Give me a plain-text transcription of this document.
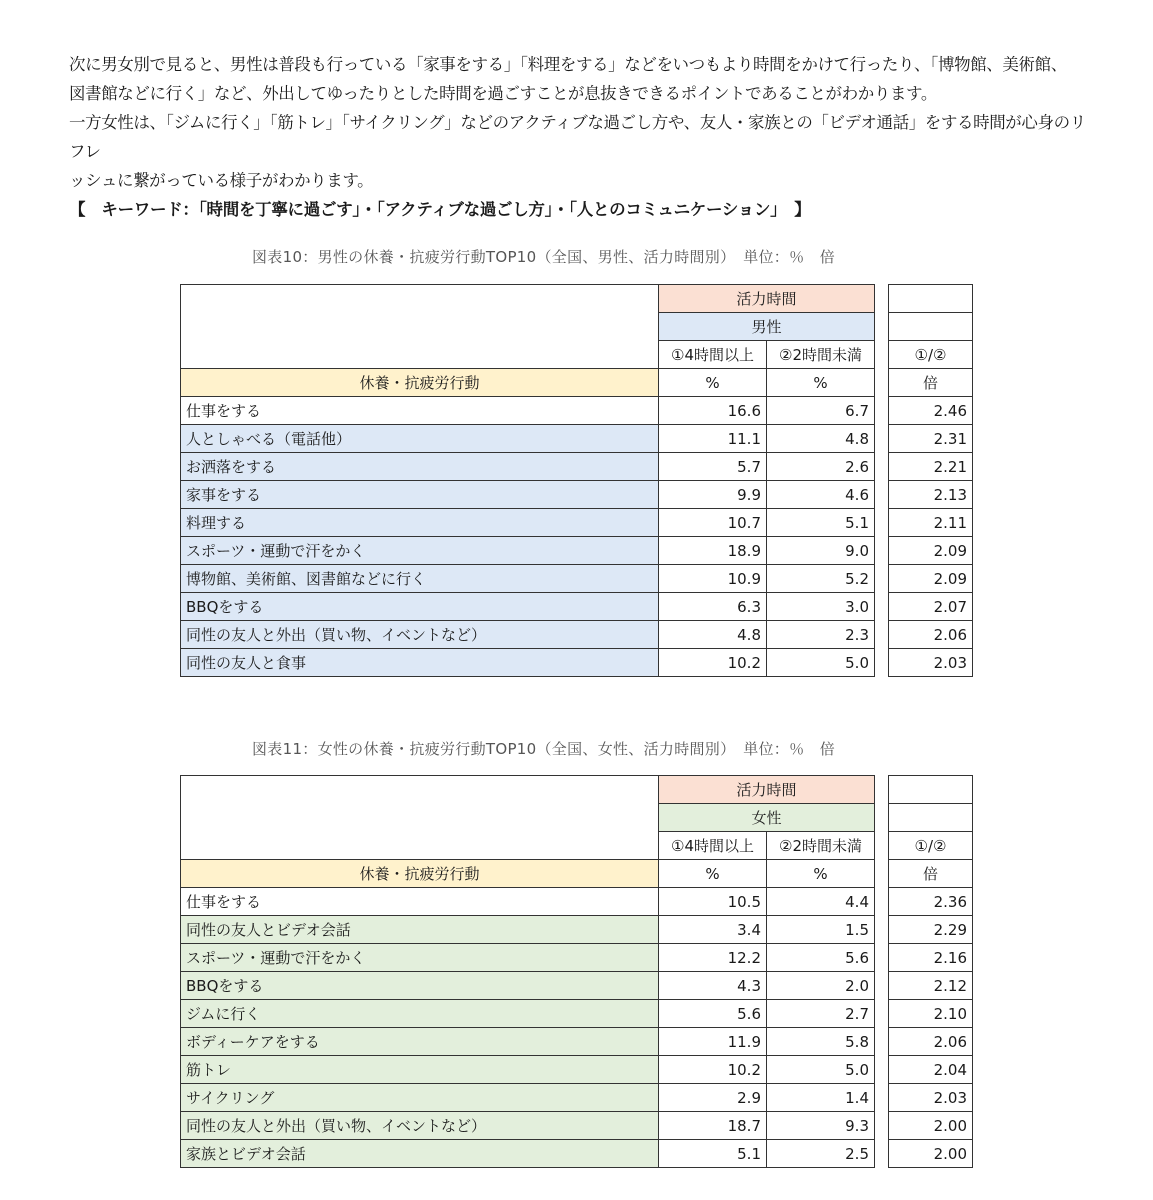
次に男女別で見ると、男性は普段も行っている「家事をする」「料理をする」などをいつもより時間をかけて行ったり、「博物館、美術館、

図書館などに行く」など、外出してゆったりとした時間を過ごすことが息抜きできるポイントであることがわかります。

一方女性は、「ジムに行く」「筋トレ」「サイクリング」などのアクティブな過ごし方や、友人・家族との「ビデオ通話」をする時間が心身のリフレ

ッシュに繋がっている様子がわかります。

【　キーワード：「時間を丁寧に過ごす」・「アクティブな過ごし方」・「人とのコミュニケーション」　】
図表10：男性の休養・抗疲労行動TOP10（全国、男性、活力時間別）　単位：％　倍
	活力時間			
	男性			
	①4時間以上	②2時間未満		①/②
休養・抗疲労行動	%	%		倍
仕事をする	16.6	6.7		2.46
人としゃべる（電話他）	11.1	4.8		2.31
お洒落をする	5.7	2.6		2.21
家事をする	9.9	4.6		2.13
料理する	10.7	5.1		2.11
スポーツ・運動で汗をかく	18.9	9.0		2.09
博物館、美術館、図書館などに行く	10.9	5.2		2.09
BBQをする	6.3	3.0		2.07
同性の友人と外出（買い物、イベントなど）	4.8	2.3		2.06
同性の友人と食事	10.2	5.0		2.03
図表11：女性の休養・抗疲労行動TOP10（全国、女性、活力時間別）　単位：％　倍
	活力時間			
	女性			
	①4時間以上	②2時間未満		①/②
休養・抗疲労行動	%	%		倍
仕事をする	10.5	4.4		2.36
同性の友人とビデオ会話	3.4	1.5		2.29
スポーツ・運動で汗をかく	12.2	5.6		2.16
BBQをする	4.3	2.0		2.12
ジムに行く	5.6	2.7		2.10
ボディーケアをする	11.9	5.8		2.06
筋トレ	10.2	5.0		2.04
サイクリング	2.9	1.4		2.03
同性の友人と外出（買い物、イベントなど）	18.7	9.3		2.00
家族とビデオ会話	5.1	2.5		2.00
